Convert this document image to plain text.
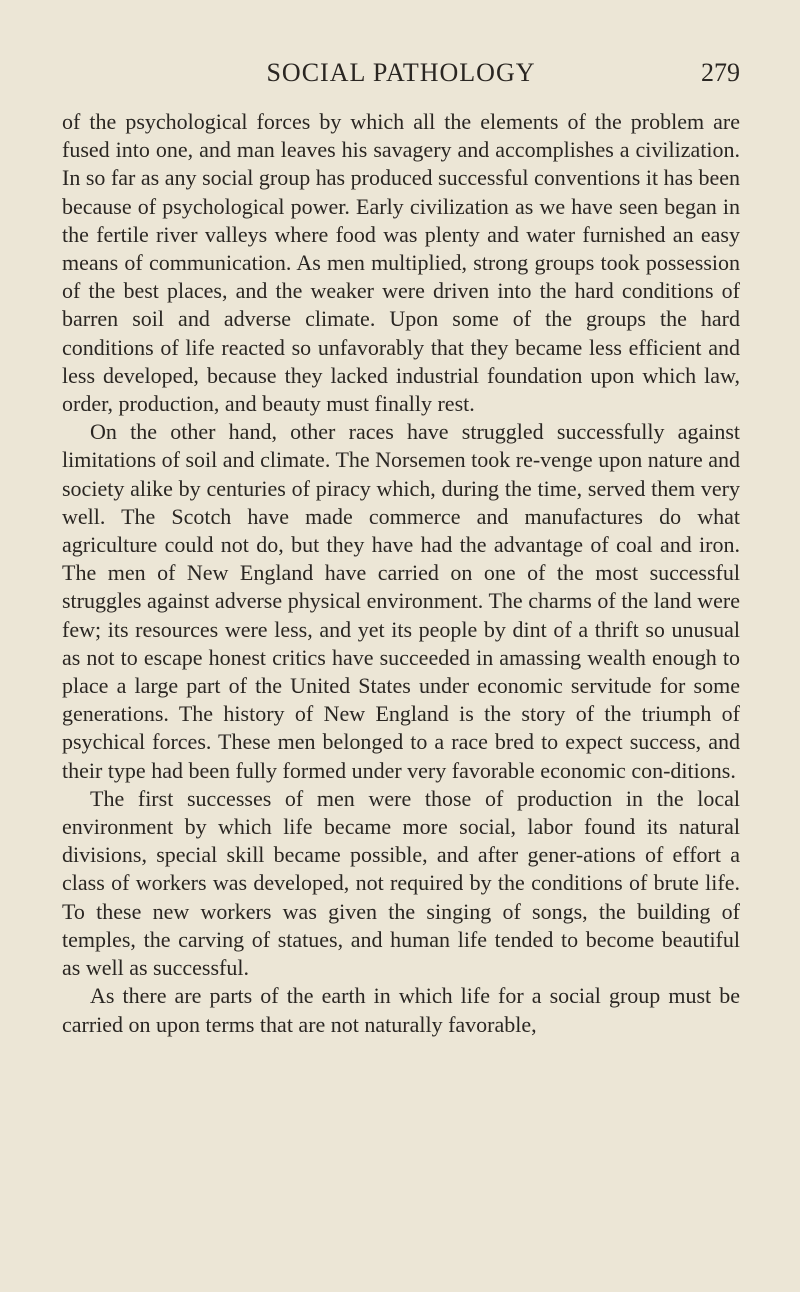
SOCIAL PATHOLOGY	279

of the psychological forces by which all the elements of the problem are fused into one, and man leaves his savagery and accomplishes a civilization. In so far as any social group has produced successful conventions it has been because of psychological power. Early civilization as we have seen began in the fertile river valleys where food was plenty and water furnished an easy means of communication. As men multiplied, strong groups took possession of the best places, and the weaker were driven into the hard conditions of barren soil and adverse climate. Upon some of the groups the hard conditions of life reacted so unfavorably that they became less efficient and less developed, because they lacked industrial foundation upon which law, order, production, and beauty must finally rest.

On the other hand, other races have struggled successfully against limitations of soil and climate. The Norsemen took re-venge upon nature and society alike by centuries of piracy which, during the time, served them very well. The Scotch have made commerce and manufactures do what agriculture could not do, but they have had the advantage of coal and iron. The men of New England have carried on one of the most successful struggles against adverse physical environment. The charms of the land were few; its resources were less, and yet its people by dint of a thrift so unusual as not to escape honest critics have succeeded in amassing wealth enough to place a large part of the United States under economic servitude for some generations. The history of New England is the story of the triumph of psychical forces. These men belonged to a race bred to expect success, and their type had been fully formed under very favorable economic con-ditions.

The first successes of men were those of production in the local environment by which life became more social, labor found its natural divisions, special skill became possible, and after gener-ations of effort a class of workers was developed, not required by the conditions of brute life. To these new workers was given the singing of songs, the building of temples, the carving of statues, and human life tended to become beautiful as well as successful.

As there are parts of the earth in which life for a social group must be carried on upon terms that are not naturally favorable,
